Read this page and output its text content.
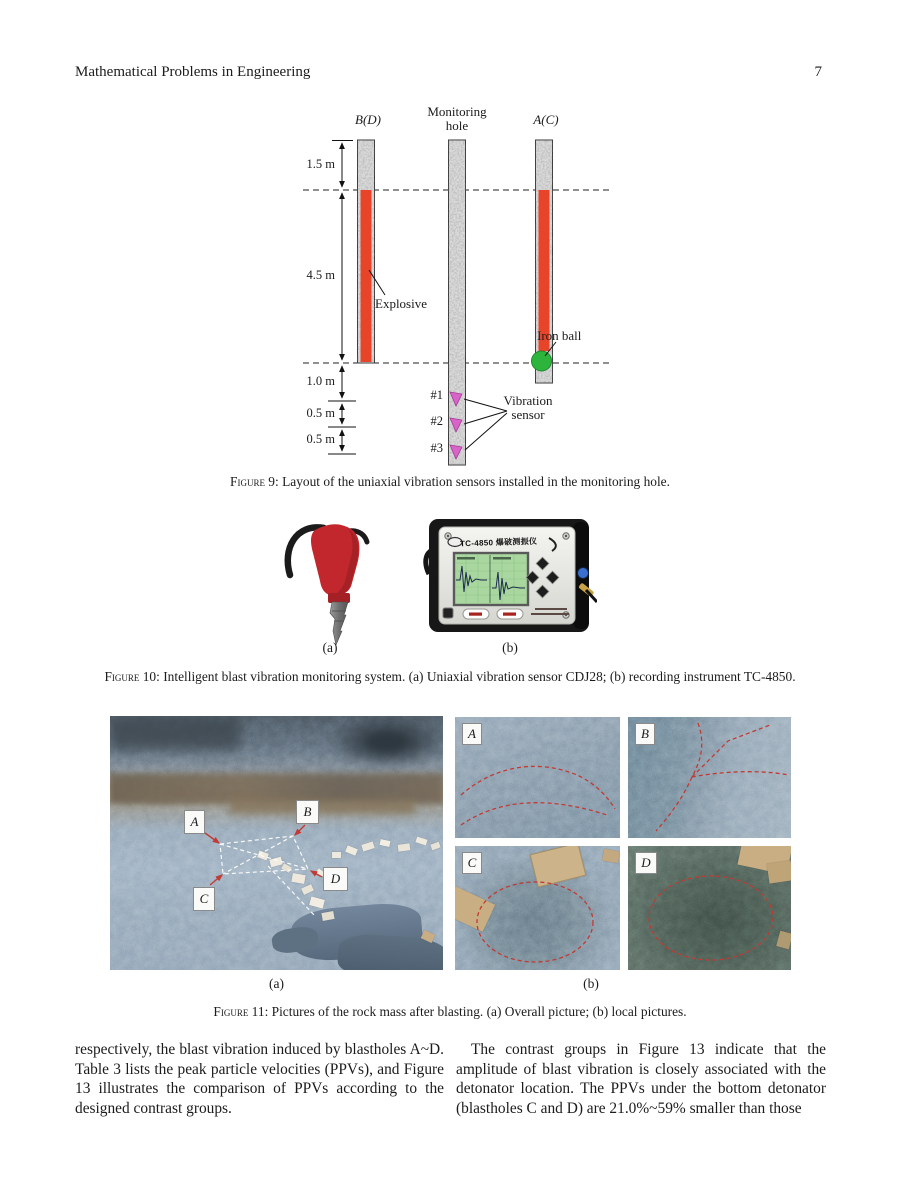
Mathematical Problems in Engineering	7
B(D)
Monitoring
hole	A(C)
1.5 m
4.5 m
1.0 m
0.5 m
0.5 m
Explosive
Iron ball
#1
#2
#3
Vibration
sensor
Figure 9: Layout of the uniaxial vibration sensors installed in the monitoring hole.
TC-4850 爆破测振仪
(a)	(b)
Figure 10: Intelligent blast vibration monitoring system. (a) Uniaxial vibration sensor CDJ28; (b) recording instrument TC-4850.
A
B
C
D
A	B
C	D
(a)	(b)
Figure 11: Pictures of the rock mass after blasting. (a) Overall picture; (b) local pictures.
respectively, the blast vibration induced by blastholes A~D. Table 3 lists the peak particle velocities (PPVs), and Figure 13 illustrates the comparison of PPVs according to the designed contrast groups.
The contrast groups in Figure 13 indicate that the amplitude of blast vibration is closely associated with the detonator location. The PPVs under the bottom detonator (blastholes C and D) are 21.0%~59% smaller than those
